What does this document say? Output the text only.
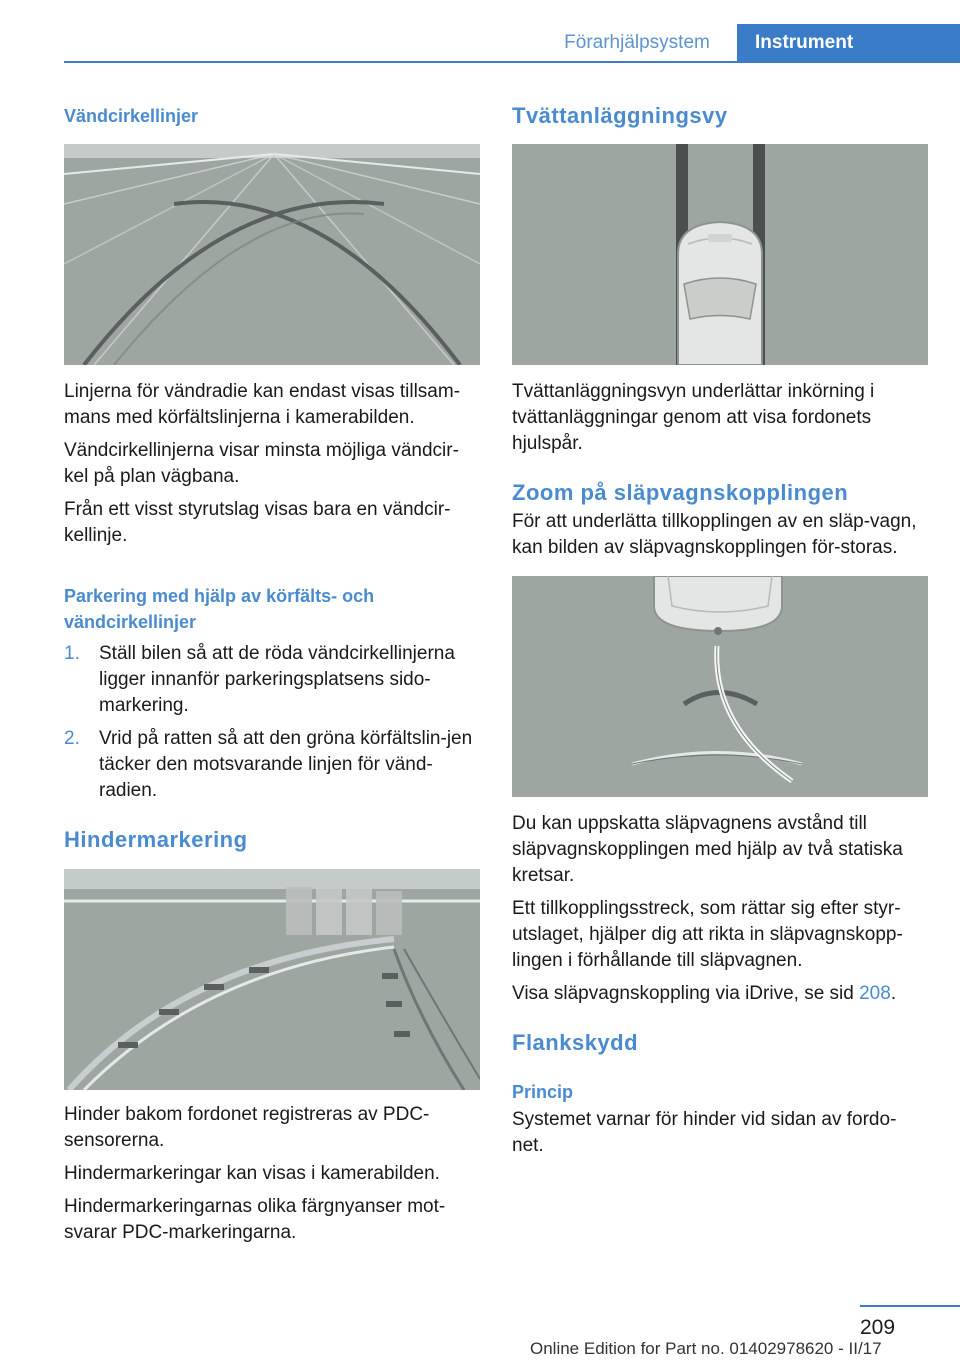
Förarhjälpsystem	Instrument
Vändcirkellinjer

Linjerna för vändradie kan endast visas tillsam‐mans med körfältslinjerna i kamerabilden.

Vändcirkellinjerna visar minsta möjliga vändcir‐kel på plan vägbana.

Från ett visst styrutslag visas bara en vändcir‐kellinje.

Parkering med hjälp av körfälts- och vändcirkellinjer
1. Ställ bilen så att de röda vändcirkellinjerna ligger innanför parkeringsplatsens sido‐markering.
2. Vrid på ratten så att den gröna körfältslin‐jen täcker den motsvarande linjen för vänd‐radien.
Hindermarkering

Hinder bakom fordonet registreras av PDC-sensorerna.

Hindermarkeringar kan visas i kamerabilden.

Hindermarkeringarnas olika färgnyanser mot‐svarar PDC-markeringarna.

Tvättanläggningsvy

Tvättanläggningsvyn underlättar inkörning i tvättanläggningar genom att visa fordonets hjulspår.

Zoom på släpvagnskopplingen

För att underlätta tillkopplingen av en släp‐vagn, kan bilden av släpvagnskopplingen för‐storas.

Du kan uppskatta släpvagnens avstånd till släpvagnskopplingen med hjälp av två statiska kretsar.

Ett tillkopplingsstreck, som rättar sig efter styr‐utslaget, hjälper dig att rikta in släpvagnskopp‐lingen i förhållande till släpvagnen.

Visa släpvagnskoppling via iDrive, se sid 208.

Flankskydd
Princip

Systemet varnar för hinder vid sidan av fordo‐net.

209
Online Edition for Part no. 01402978620 - II/17
